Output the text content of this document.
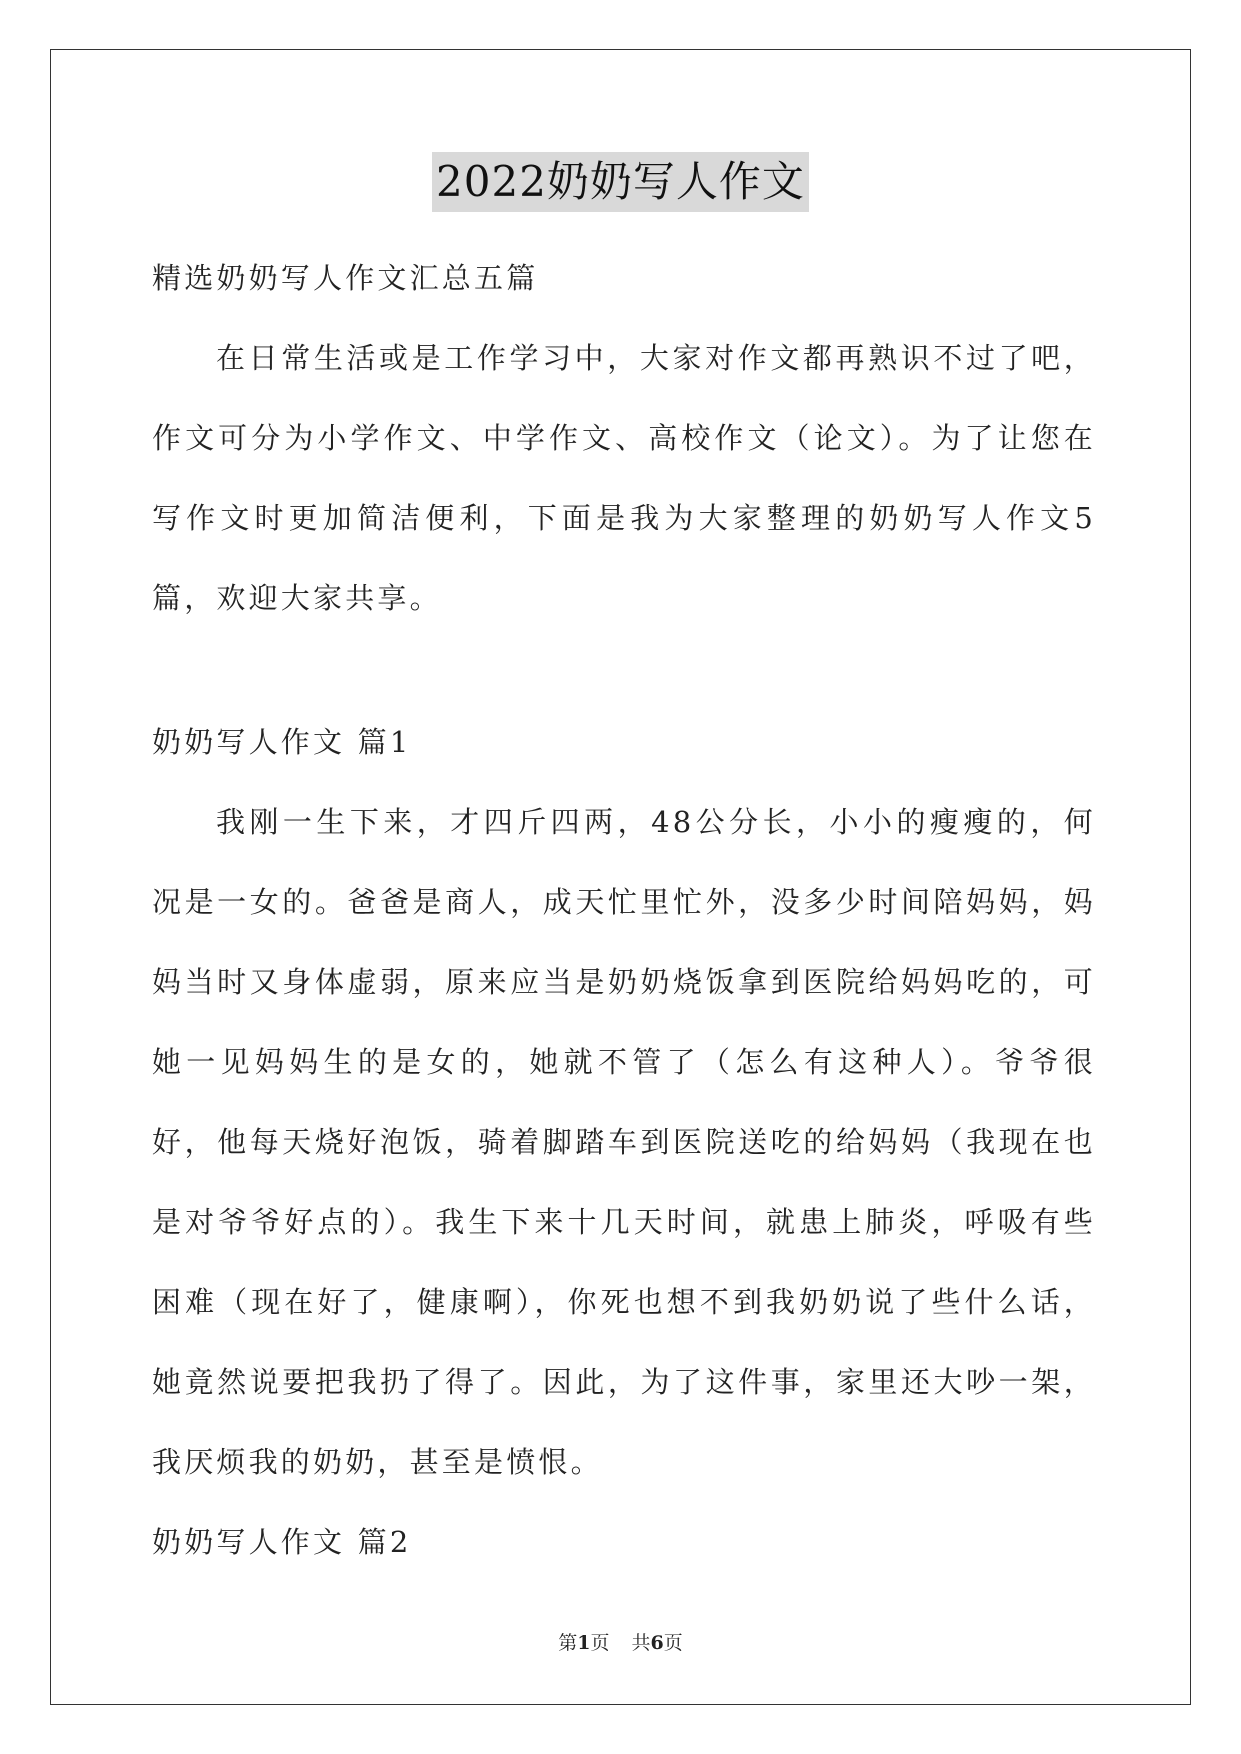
2022奶奶写人作文

精选奶奶写人作文汇总五篇

在日常生活或是工作学习中，大家对作文都再熟识不过了吧，作文可分为小学作文、中学作文、高校作文（论文）。为了让您在写作文时更加简洁便利，下面是我为大家整理的奶奶写人作文5篇，欢迎大家共享。

奶奶写人作文 篇1

我刚一生下来，才四斤四两，48公分长，小小的瘦瘦的，何况是一女的。爸爸是商人，成天忙里忙外，没多少时间陪妈妈，妈妈当时又身体虚弱，原来应当是奶奶烧饭拿到医院给妈妈吃的，可她一见妈妈生的是女的，她就不管了（怎么有这种人）。爷爷很好，他每天烧好泡饭，骑着脚踏车到医院送吃的给妈妈（我现在也是对爷爷好点的）。我生下来十几天时间，就患上肺炎，呼吸有些困难（现在好了，健康啊），你死也想不到我奶奶说了些什么话，她竟然说要把我扔了得了。因此，为了这件事，家里还大吵一架，我厌烦我的奶奶，甚至是愤恨。

奶奶写人作文 篇2

第1页 共6页
